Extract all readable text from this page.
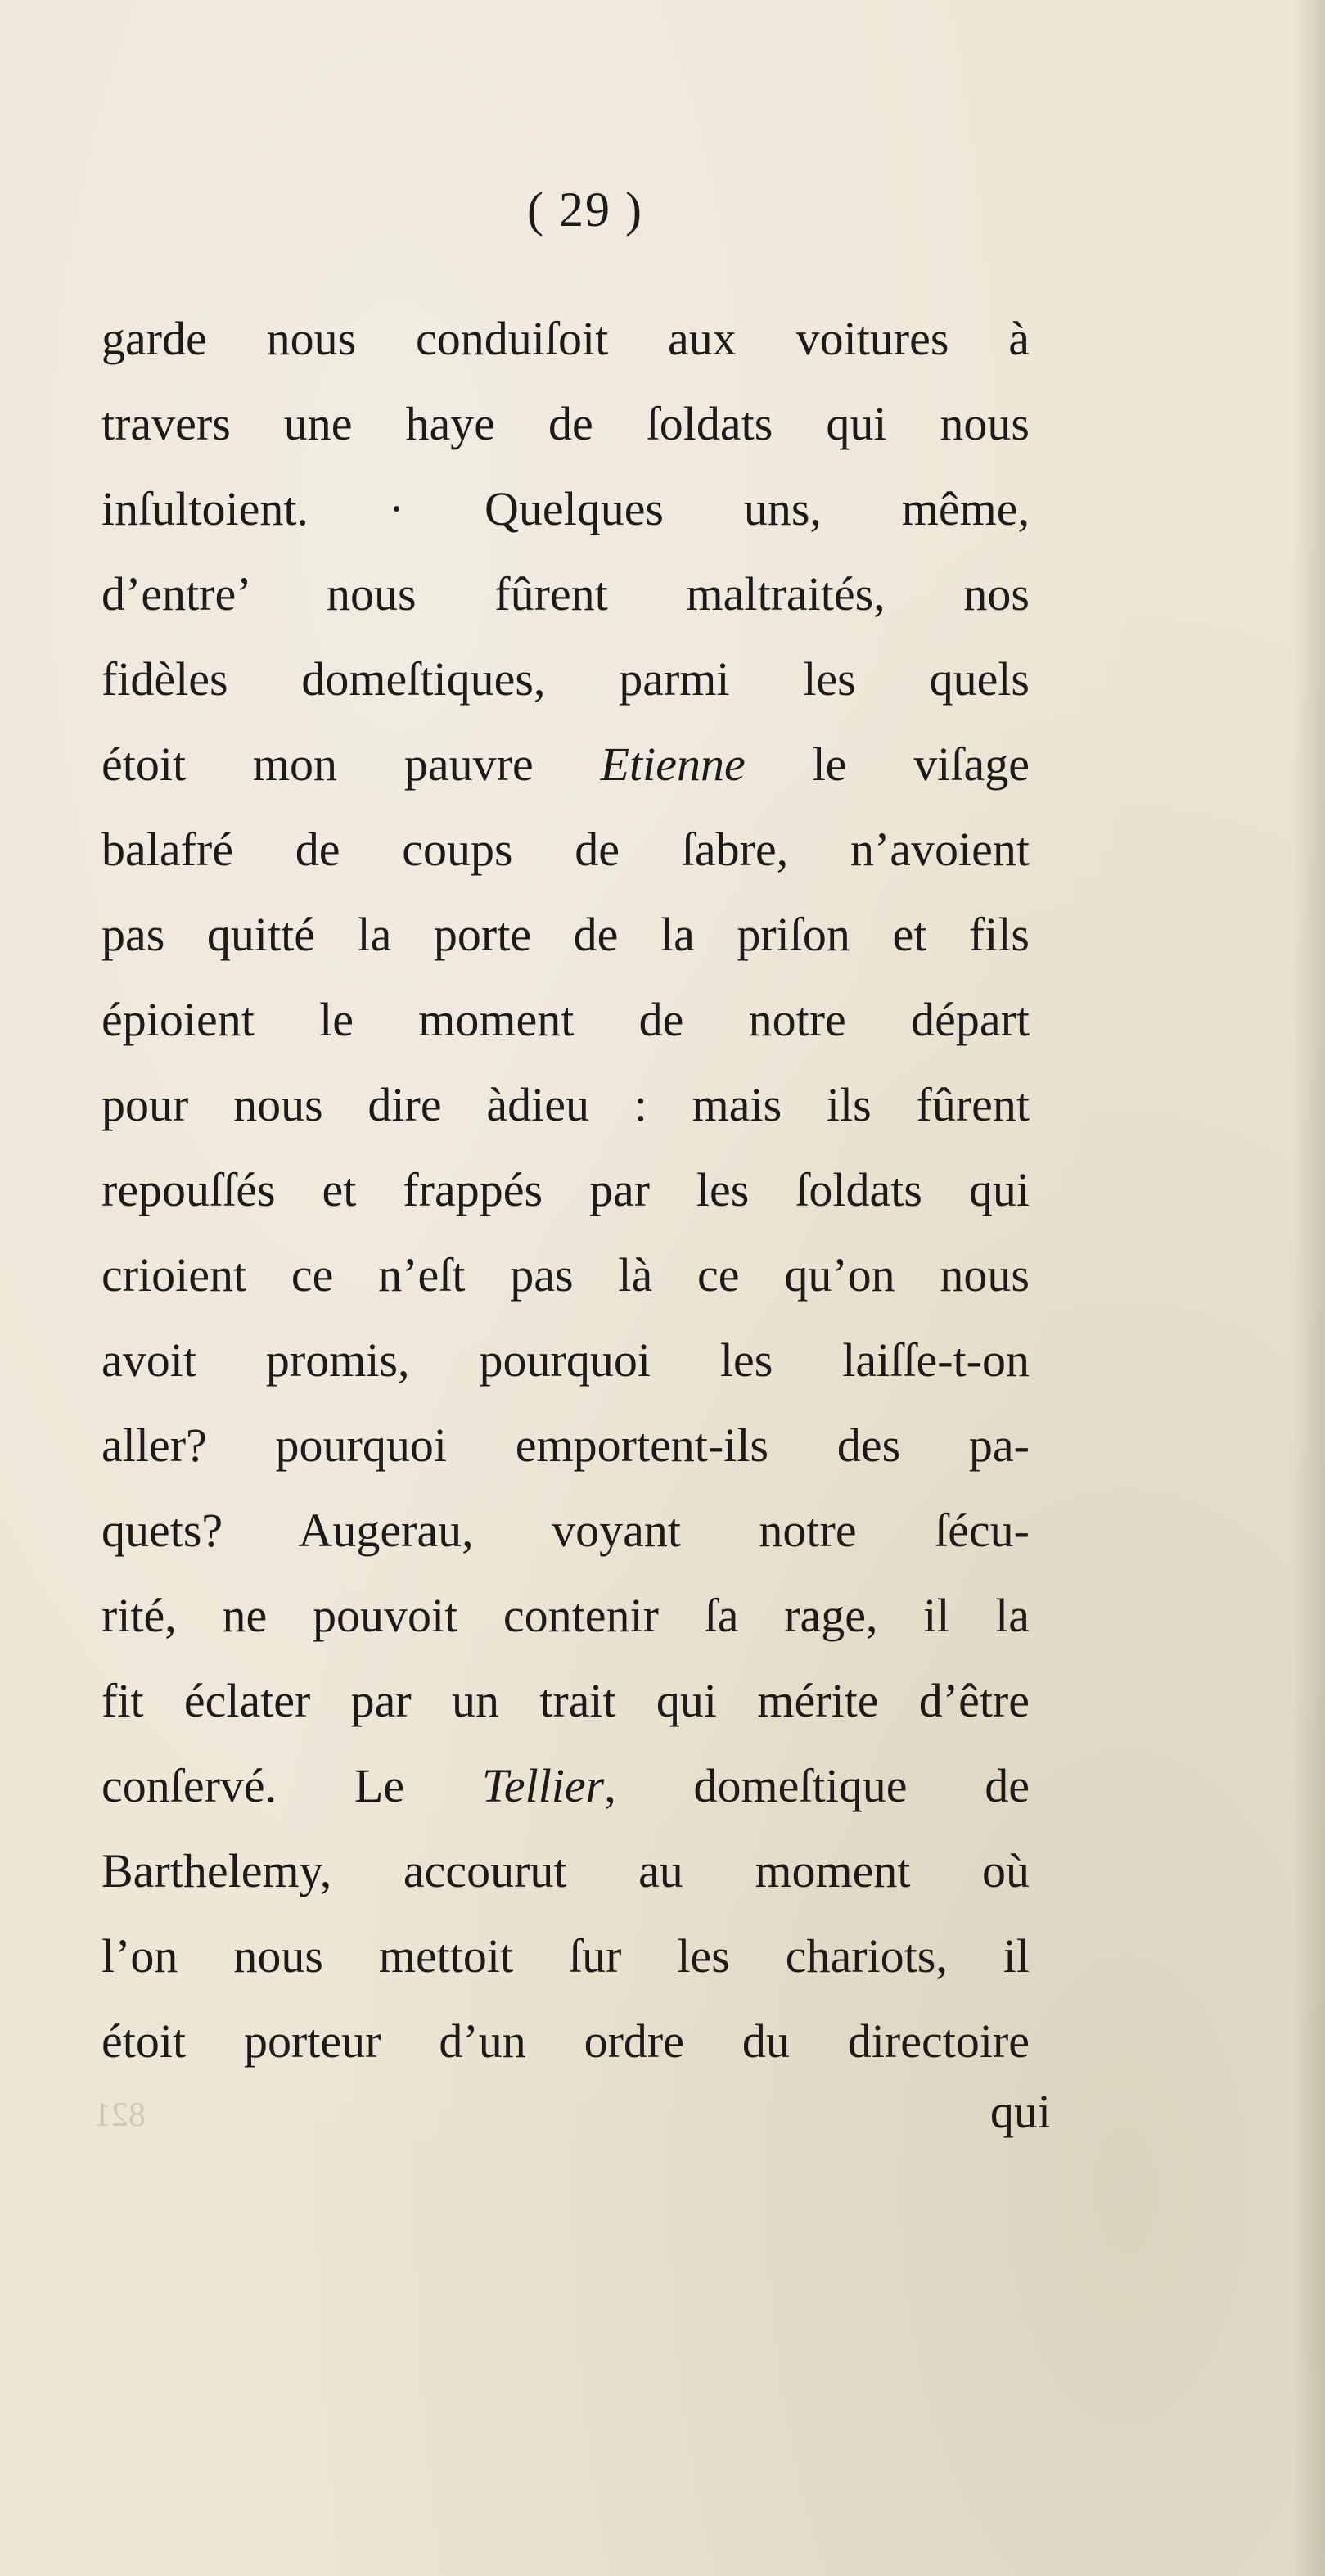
( 29 )
garde nous conduiſoit aux voitures à
travers une haye de ſoldats qui nous
inſultoient. · Quelques uns, même,
d’entre’ nous fûrent maltraités, nos
fidèles domeſtiques, parmi les quels
étoit mon pauvre Etienne le viſage
balafré de coups de ſabre, n’avoient
pas quitté la porte de la priſon et fils
épioient le moment de notre départ
pour nous dire àdieu : mais ils fûrent
repouſſés et frappés par les ſoldats qui
crioient ce n’eſt pas là ce qu’on nous
avoit promis, pourquoi les laiſſe-t-on
aller? pourquoi emportent-ils des pa-
quets? Augerau, voyant notre ſécu-
rité, ne pouvoit contenir ſa rage, il la
fit éclater par un trait qui mérite d’être
conſervé. Le Tellier, domeſtique de
Barthelemy, accourut au moment où
l’on nous mettoit ſur les chariots, il
étoit porteur d’un ordre du directoire
821	qui
